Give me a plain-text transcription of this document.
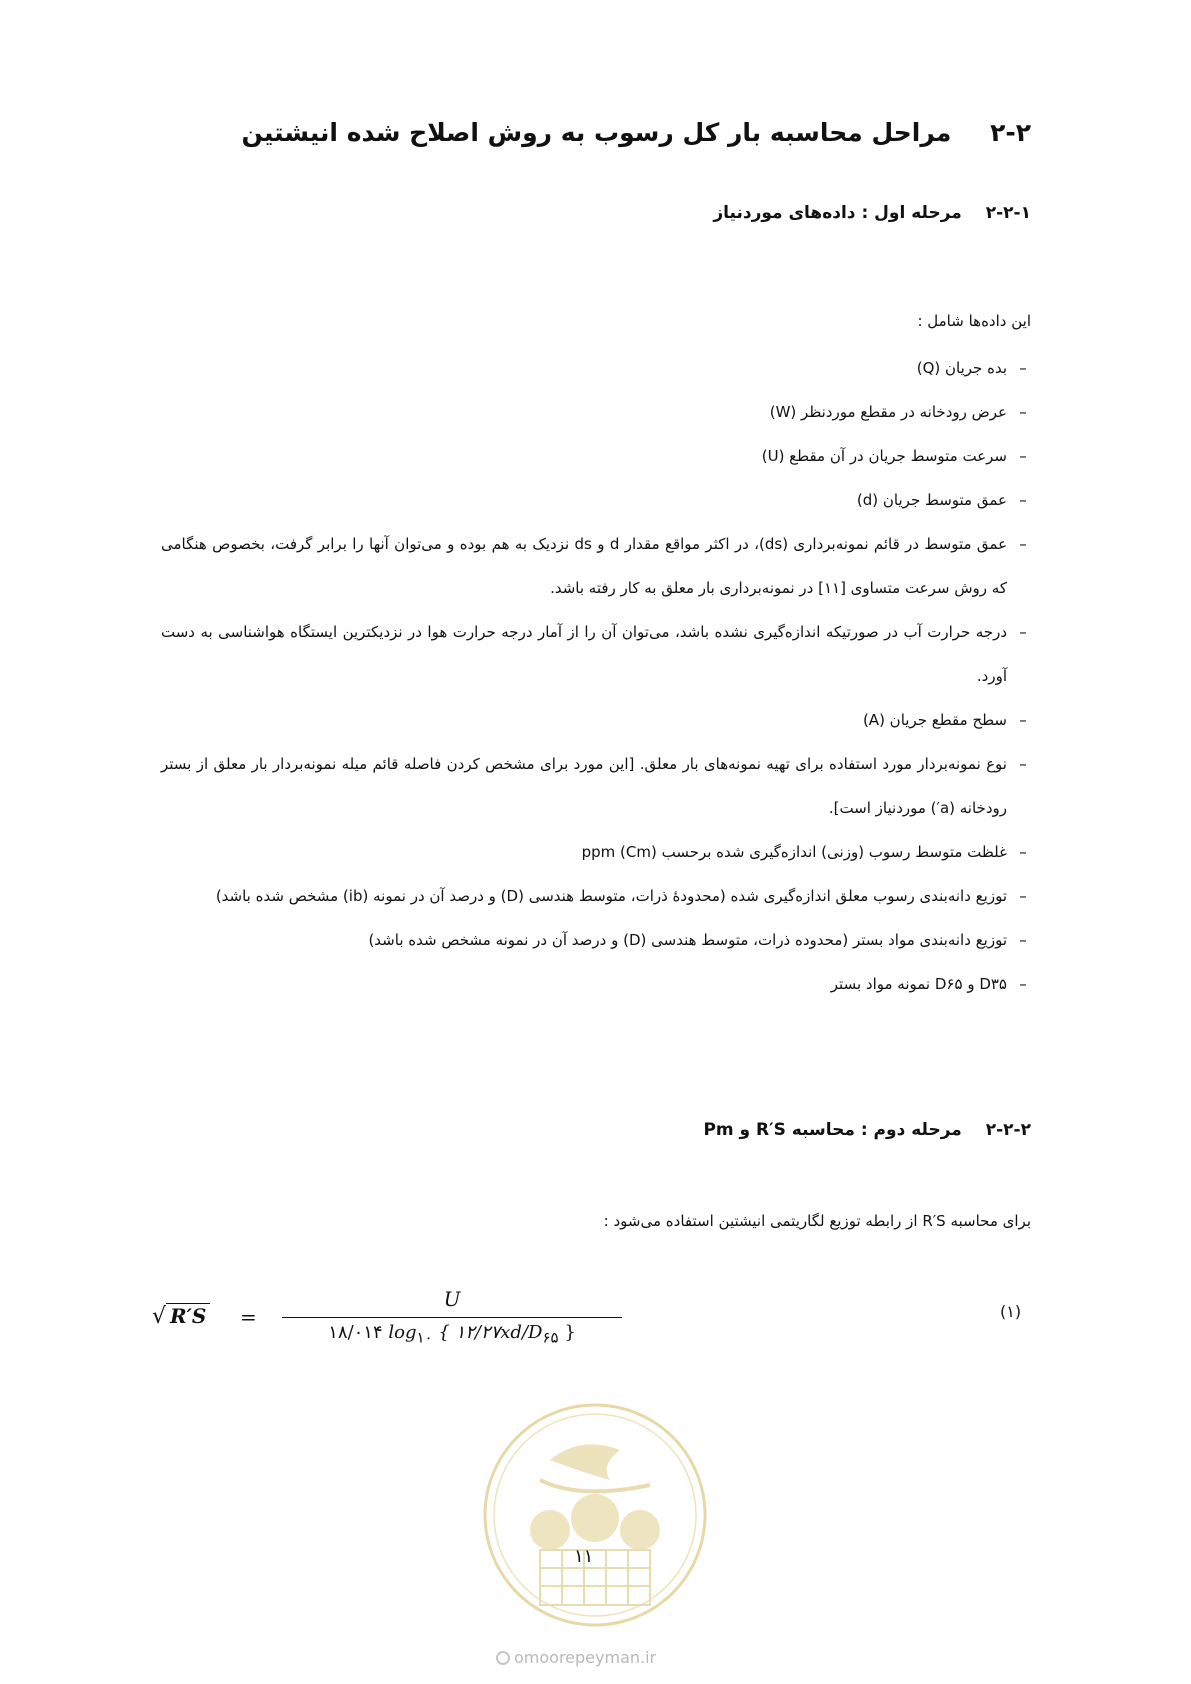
۲-۲ مراحل محاسبه بار کل رسوب به روش اصلاح شده انیشتین
۲-۲-۱ مرحله اول : داده‌های موردنیاز
این داده‌ها شامل :
–
بده جریان (Q)
–
عرض رودخانه در مقطع موردنظر (W)
–
سرعت متوسط جریان در آن مقطع (U)
–
عمق متوسط جریان (d)
–
عمق متوسط در قائم نمونه‌برداری (ds)، در اکثر مواقع مقدار d و ds نزدیک به هم بوده و می‌توان آنها را برابر گرفت، بخصوص هنگامی که روش سرعت متساوی [۱۱] در نمونه‌برداری بار معلق به کار رفته باشد.
–
درجه حرارت آب در صورتیکه اندازه‌گیری نشده باشد، می‌توان آن را از آمار درجه حرارت هوا در نزدیکترین ایستگاه هواشناسی به دست آورد.
–
سطح مقطع جریان (A)
–
نوع نمونه‌بردار مورد استفاده برای تهیه نمونه‌های بار معلق. [این مورد برای مشخص کردن فاصله قائم میله نمونه‌بردار بار معلق از بستر رودخانه (a′) موردنیاز است].
–
غلظت متوسط رسوب (وزنی) اندازه‌گیری شده برحسب ppm (Cm)
–
توزیع دانه‌بندی رسوب معلق اندازه‌گیری شده (محدودهٔ ذرات، متوسط هندسی (D) و درصد آن در نمونه (ib) مشخص شده باشد)
–
توزیع دانه‌بندی مواد بستر (محدوده ذرات، متوسط هندسی (D) و درصد آن در نمونه مشخص شده باشد)
–
D۳۵ و D۶۵ نمونه مواد بستر
۲-۲-۲ مرحله دوم : محاسبه R′S و Pm
برای محاسبه R′S از رابطه توزیع لگاریتمی انیشتین استفاده می‌شود :
√ R′S =
U
۱۸/۰۱۴ $\log_{۱۰}$ { $۱۲/۲۷xd/D_{۶۵}$ }
(۱)
۱۱
omoorepeyman.ir
